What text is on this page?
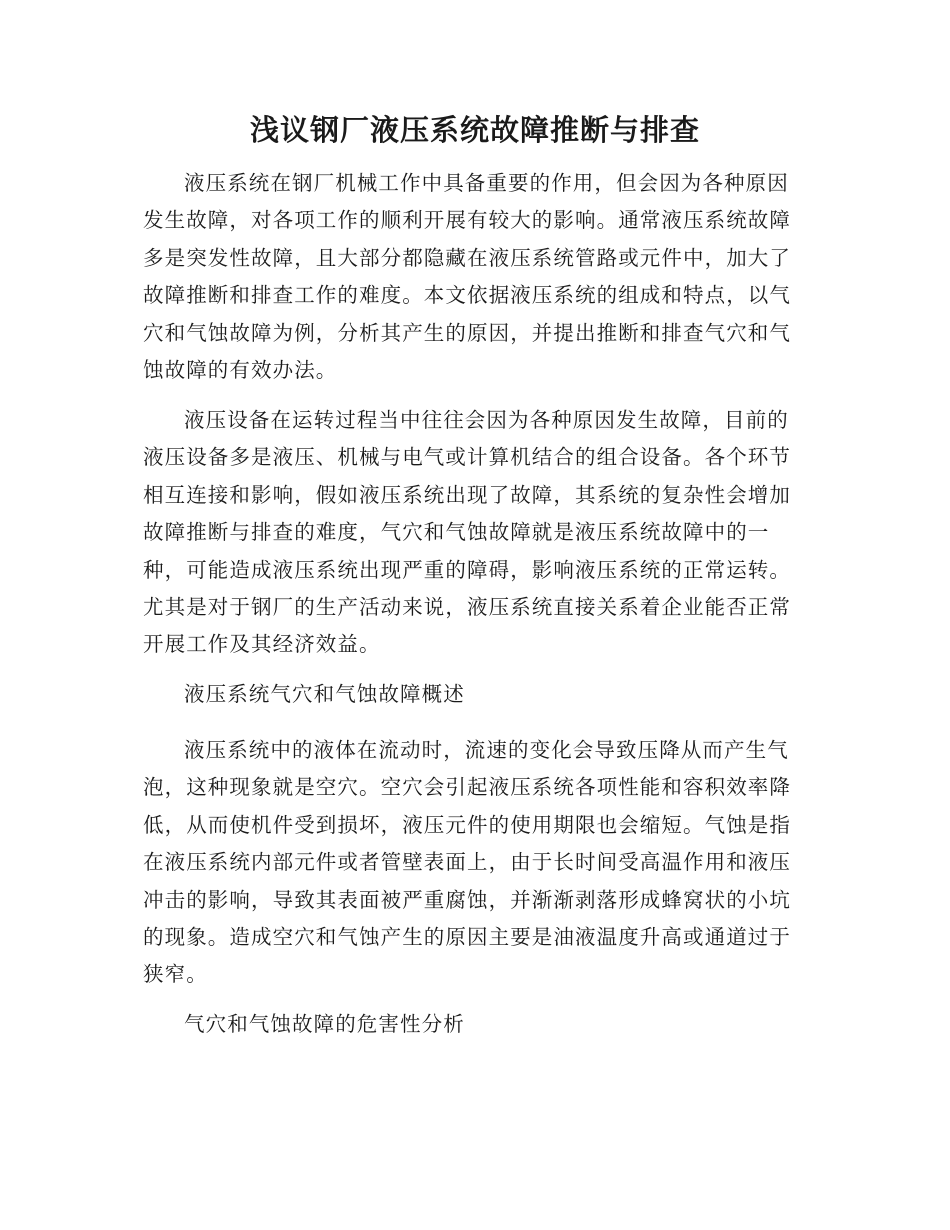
浅议钢厂液压系统故障推断与排查

液压系统在钢厂机械工作中具备重要的作用，但会因为各种原因发生故障，对各项工作的顺利开展有较大的影响。通常液压系统故障多是突发性故障，且大部分都隐藏在液压系统管路或元件中，加大了故障推断和排查工作的难度。本文依据液压系统的组成和特点，以气穴和气蚀故障为例，分析其产生的原因，并提出推断和排查气穴和气蚀故障的有效办法。

液压设备在运转过程当中往往会因为各种原因发生故障，目前的液压设备多是液压、机械与电气或计算机结合的组合设备。各个环节相互连接和影响，假如液压系统出现了故障，其系统的复杂性会增加故障推断与排查的难度，气穴和气蚀故障就是液压系统故障中的一种，可能造成液压系统出现严重的障碍，影响液压系统的正常运转。尤其是对于钢厂的生产活动来说，液压系统直接关系着企业能否正常开展工作及其经济效益。

液压系统气穴和气蚀故障概述

液压系统中的液体在流动时，流速的变化会导致压降从而产生气泡，这种现象就是空穴。空穴会引起液压系统各项性能和容积效率降低，从而使机件受到损坏，液压元件的使用期限也会缩短。气蚀是指在液压系统内部元件或者管壁表面上，由于长时间受高温作用和液压冲击的影响，导致其表面被严重腐蚀，并渐渐剥落形成蜂窝状的小坑的现象。造成空穴和气蚀产生的原因主要是油液温度升高或通道过于狭窄。

气穴和气蚀故障的危害性分析
